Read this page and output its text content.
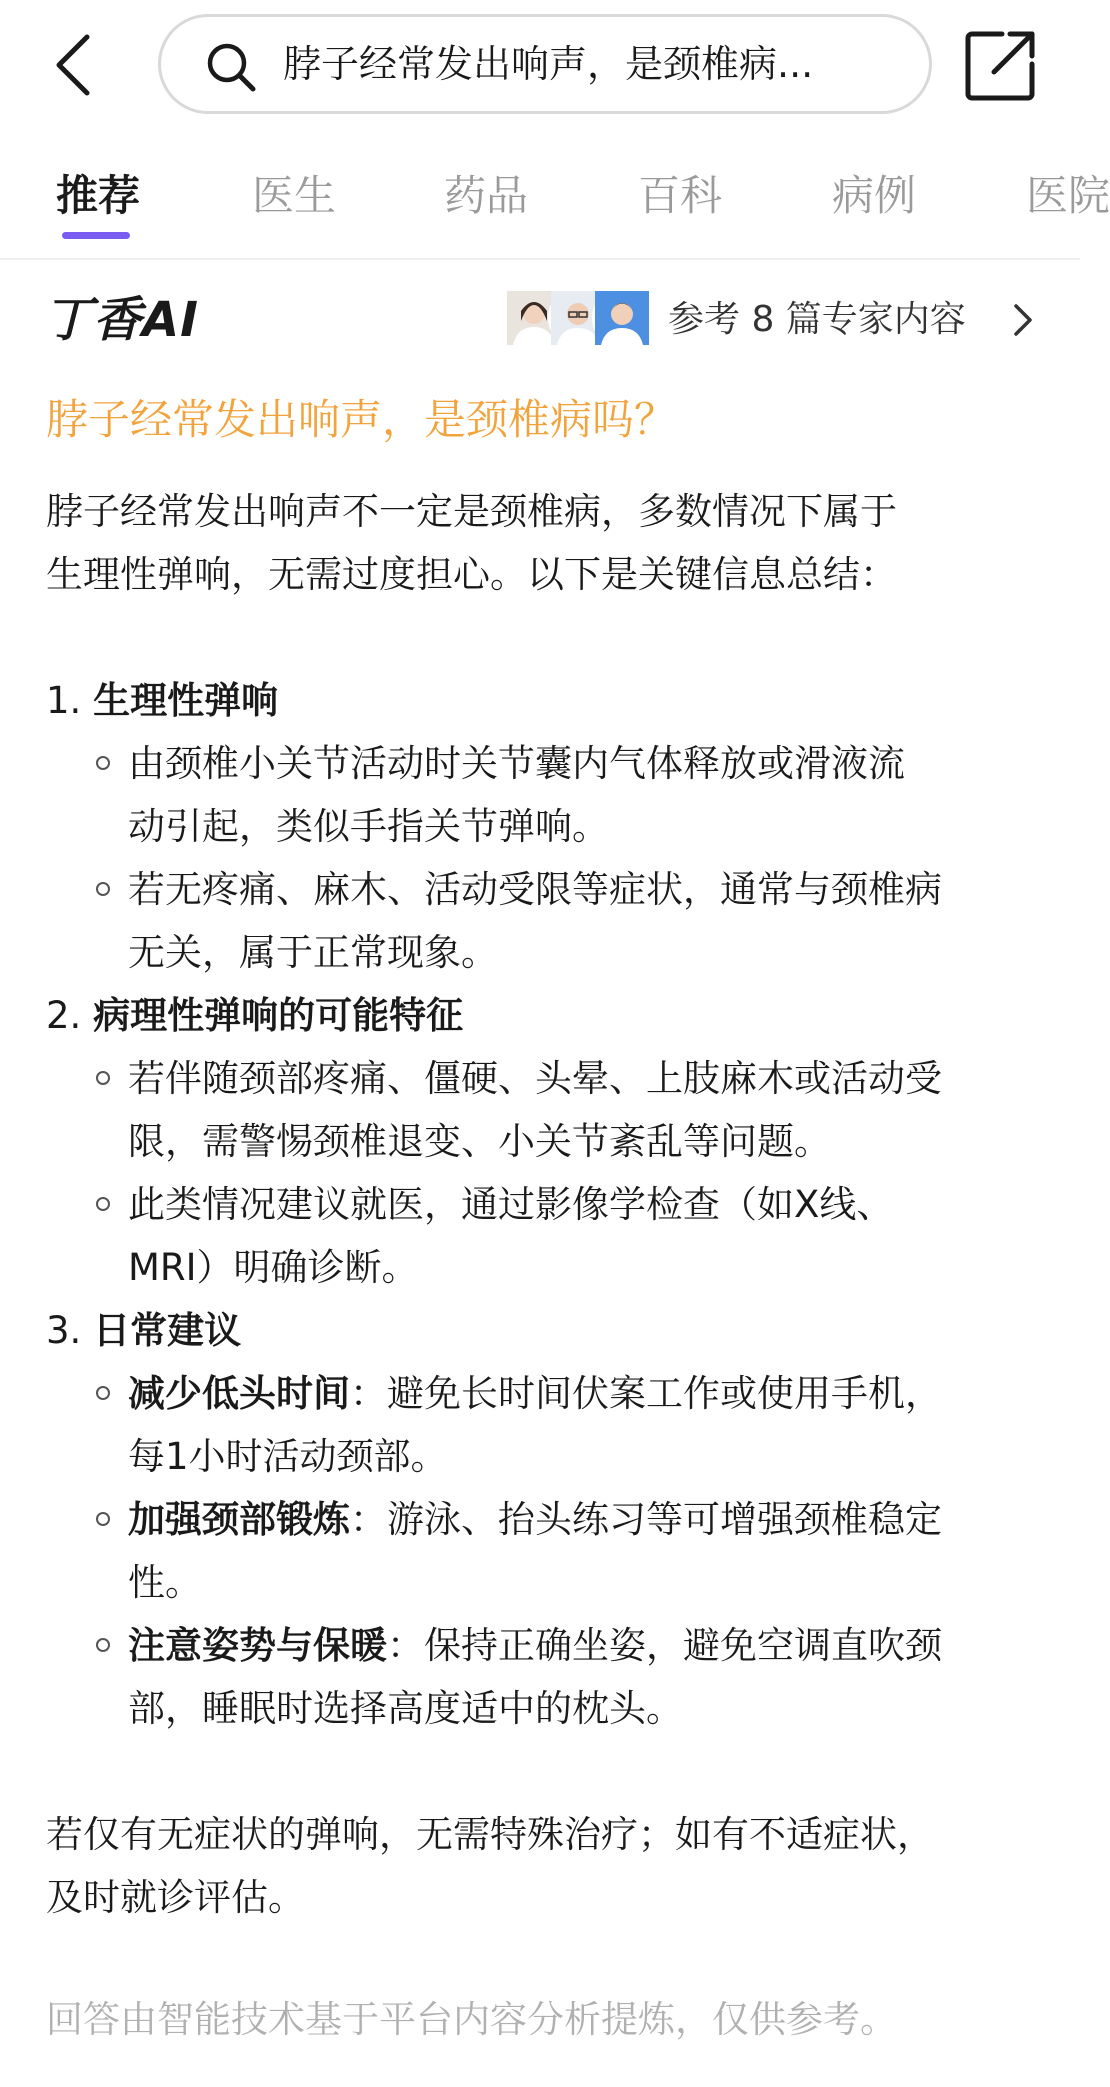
脖子经常发出响声，是颈椎病...
推荐	医生	药品	百科	病例	医院
丁香AI	参考 8 篇专家内容
脖子经常发出响声，是颈椎病吗？
脖子经常发出响声不一定是颈椎病，多数情况下属于
生理性弹响，无需过度担心。以下是关键信息总结：
1. 生理性弹响
由颈椎小关节活动时关节囊内气体释放或滑液流
动引起，类似手指关节弹响。
若无疼痛、麻木、活动受限等症状，通常与颈椎病
无关，属于正常现象。
2. 病理性弹响的可能特征
若伴随颈部疼痛、僵硬、头晕、上肢麻木或活动受
限，需警惕颈椎退变、小关节紊乱等问题。
此类情况建议就医，通过影像学检查（如X线、
MRI）明确诊断。
3. 日常建议
减少低头时间：避免长时间伏案工作或使用手机，
每1小时活动颈部。
加强颈部锻炼：游泳、抬头练习等可增强颈椎稳定
性。
注意姿势与保暖：保持正确坐姿，避免空调直吹颈
部，睡眠时选择高度适中的枕头。
若仅有无症状的弹响，无需特殊治疗；如有不适症状，
及时就诊评估。
回答由智能技术基于平台内容分析提炼，仅供参考。
